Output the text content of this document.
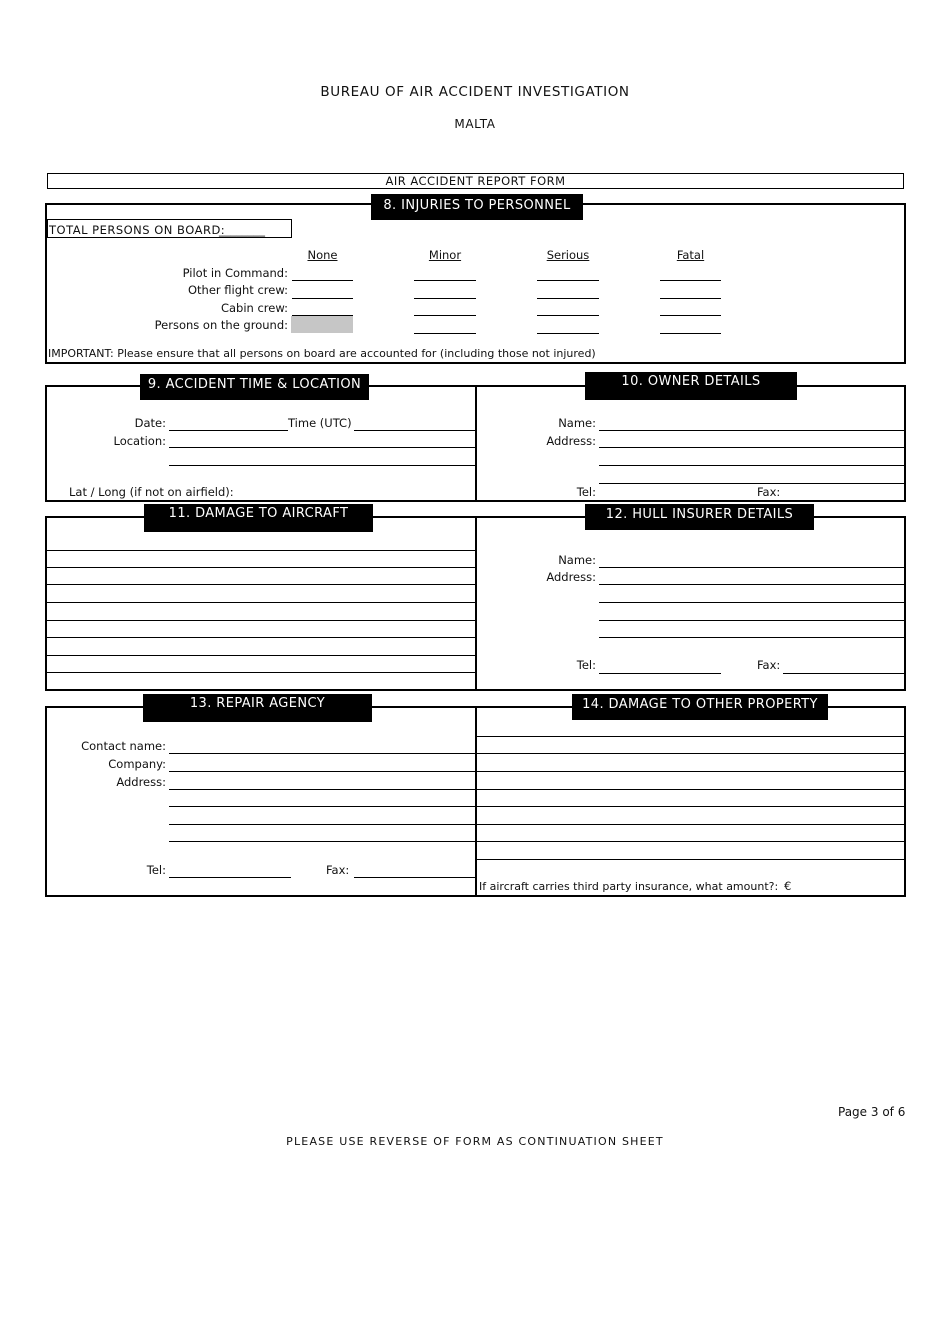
BUREAU OF AIR ACCIDENT INVESTIGATION
MALTA
AIR ACCIDENT REPORT FORM
8. INJURIES TO PERSONNEL
TOTAL PERSONS ON BOARD:
________
None	Minor	Serious	Fatal
Pilot in Command:
Other flight crew:
Cabin crew:
Persons on the ground:
IMPORTANT: Please ensure that all persons on board are accounted for (including those not injured)
9. ACCIDENT TIME & LOCATION	10. OWNER DETAILS
Date:	Time (UTC)
Location:
Lat / Long (if not on airfield):
Name:
Address:
Tel:	Fax:
11. DAMAGE TO AIRCRAFT	12. HULL INSURER DETAILS
Name:
Address:
Tel:	Fax:
13. REPAIR AGENCY	14. DAMAGE TO OTHER PROPERTY
Contact name:
Company:
Address:
Tel:	Fax:
If aircraft carries third party insurance, what amount?: €
Page 3 of 6
PLEASE USE REVERSE OF FORM AS CONTINUATION SHEET
